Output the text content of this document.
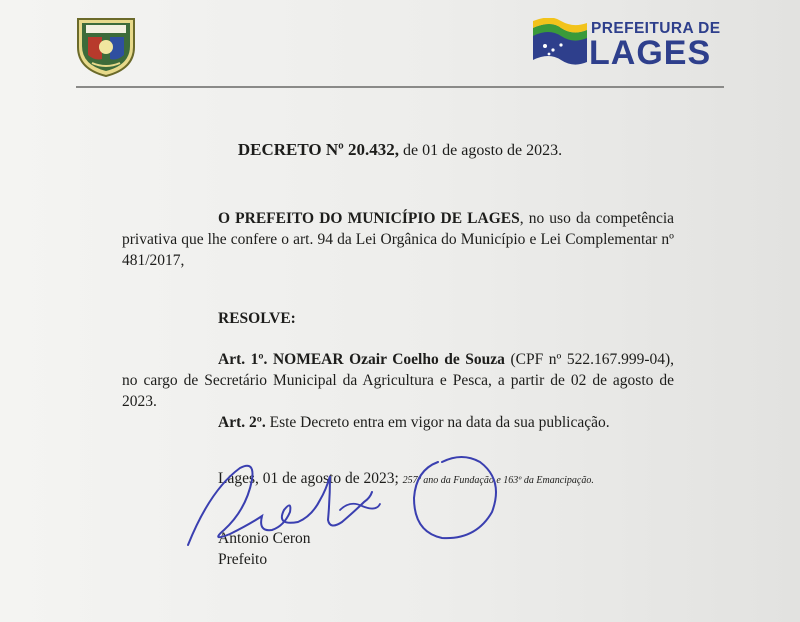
PREFEITURA DE
LAGES
DECRETO Nº 20.432, de 01 de agosto de 2023.
O PREFEITO DO MUNICÍPIO DE LAGES, no uso da competência privativa que lhe confere o art. 94 da Lei Orgânica do Município e Lei Complementar nº 481/2017,
RESOLVE:
Art. 1º. NOMEAR Ozair Coelho de Souza (CPF nº 522.167.999-04), no cargo de Secretário Municipal da Agricultura e Pesca, a partir de 02 de agosto de 2023.
Art. 2º. Este Decreto entra em vigor na data da sua publicação.
Lages, 01 de agosto de 2023; 257º ano da Fundação e 163º da Emancipação.
Antonio Ceron
Prefeito
